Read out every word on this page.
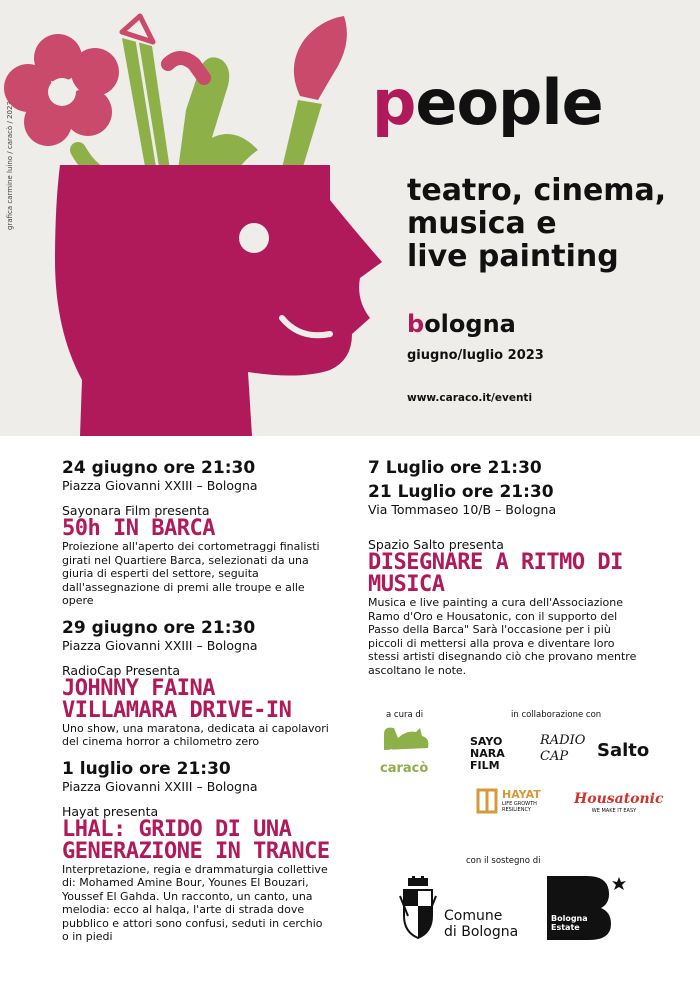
grafica carmine luino / caracò / 2023	people
teatro, cinema,
musica e
live painting
bologna
giugno/luglio 2023
www.caraco.it/eventi
24 giugno ore 21:30
Piazza Giovanni XXIII – Bologna
Sayonara Film presenta
50h IN BARCA
Proiezione all'aperto dei cortometraggi finalisti girati nel Quartiere Barca, selezionati da una giuria di esperti del settore, seguita dall'assegnazione di premi alle troupe e alle opere
29 giugno ore 21:30
Piazza Giovanni XXIII – Bologna
RadioCap Presenta
JOHNNY FAINA VILLAMARA DRIVE-IN
Uno show, una maratona, dedicata ai capolavori del cinema horror a chilometro zero
1 luglio ore 21:30
Piazza Giovanni XXIII – Bologna
Hayat presenta
LHAL: GRIDO DI UNA GENERAZIONE IN TRANCE
Interpretazione, regia e drammaturgia collettive di: Mohamed Amine Bour, Younes El Bouzari, Youssef El Gahda. Un racconto, un canto, una melodia: ecco al halqa, l'arte di strada dove pubblico e attori sono confusi, seduti in cerchio o in piedi
7 Luglio ore 21:30
21 Luglio ore 21:30
Via Tommaseo 10/B – Bologna
Spazio Salto presenta
DISEGNARE A RITMO DI MUSICA
Musica e live painting a cura dell'Associazione Ramo d'Oro e Housatonic, con il supporto del Passo della Barca" Sarà l'occasione per i più piccoli di mettersi alla prova e diventare loro stessi artisti disegnando ciò che provano mentre ascoltano le note.
a cura di	in collaborazione con
caracò
SAYO NARA FILM
RADIO CAP	Salto
HAYAT
LIFE GROWTH RESILIENCY
Housatonic
WE MAKE IT EASY
con il sostegno di
Comune
di Bologna
Bologna
Estate
